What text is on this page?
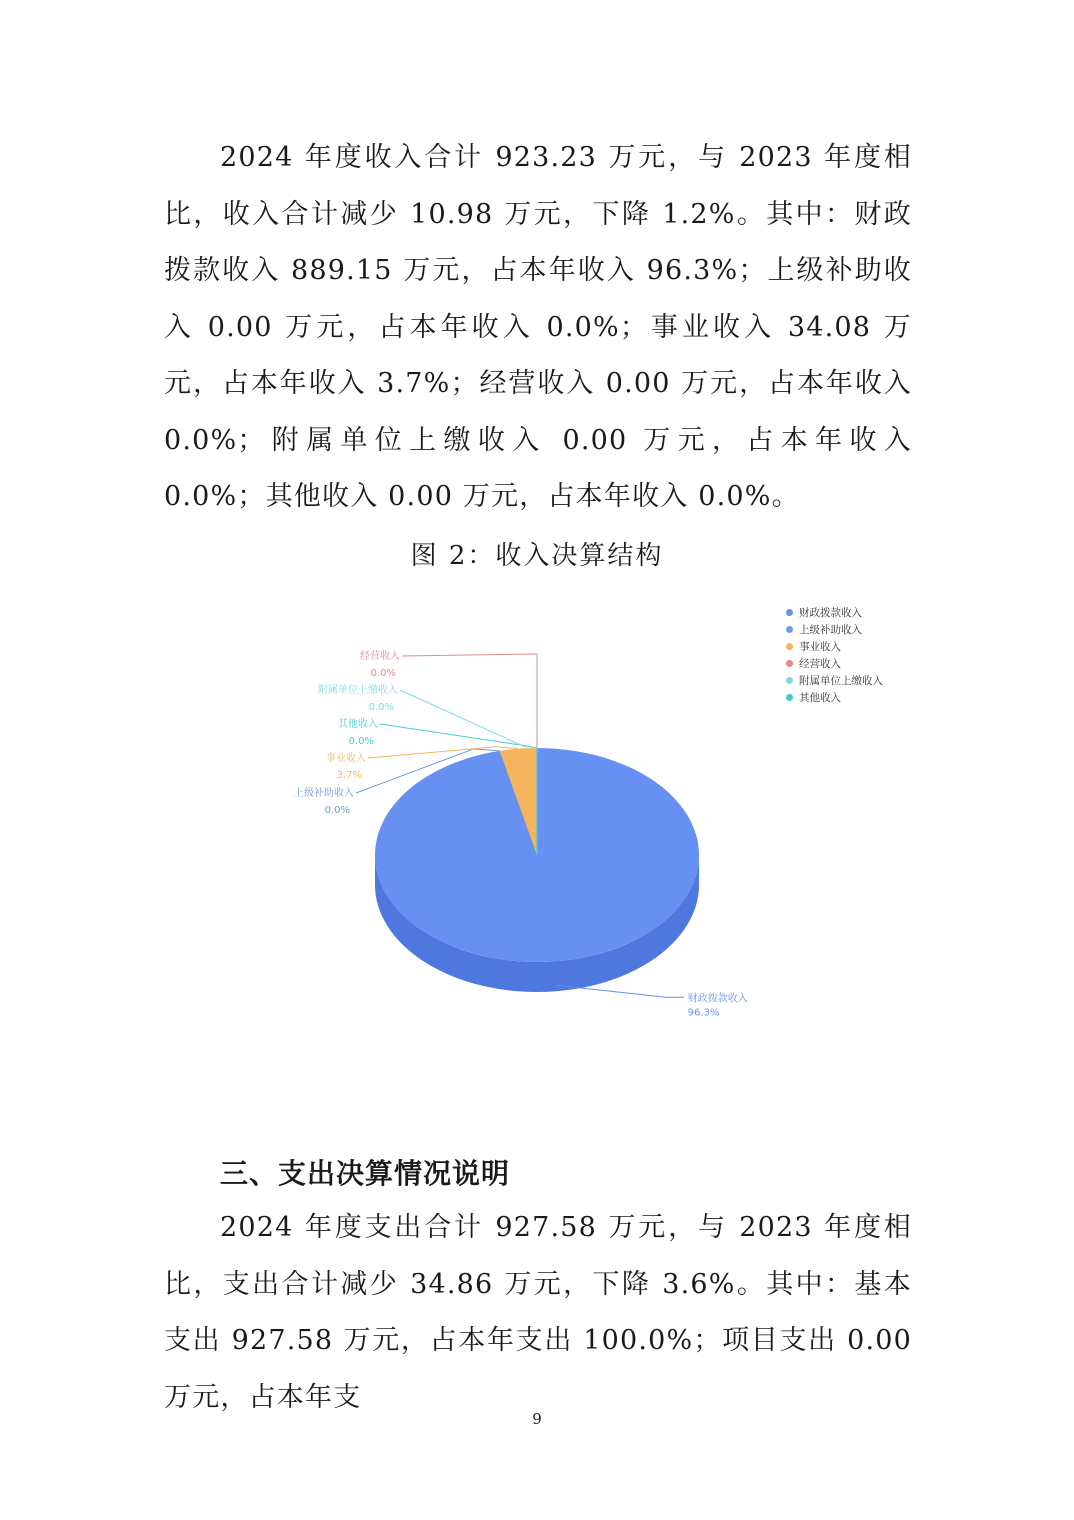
2024 年度收入合计 923.23 万元，与 2023 年度相比，收入合计减少 10.98 万元，下降 1.2%。其中：财政拨款收入 889.15 万元，占本年收入 96.3%；上级补助收入 0.00 万元，占本年收入 0.0%；事业收入 34.08 万元，占本年收入 3.7%；经营收入 0.00 万元，占本年收入 0.0%；附属单位上缴收入 0.00 万元，占本年收入 0.0%；其他收入 0.00 万元，占本年收入 0.0%。

图 2：收入决算结构
财政拨款收入
96.3%
上级补助收入
0.0%
事业收入
3.7%
其他收入
0.0%
附属单位上缴收入
0.0%
经营收入
0.0%
财政拨款收入
上级补助收入
事业收入
经营收入
附属单位上缴收入
其他收入
三、支出决算情况说明

2024 年度支出合计 927.58 万元，与 2023 年度相比，支出合计减少 34.86 万元，下降 3.6%。其中：基本支出 927.58 万元，占本年支出 100.0%；项目支出 0.00 万元，占本年支

9
